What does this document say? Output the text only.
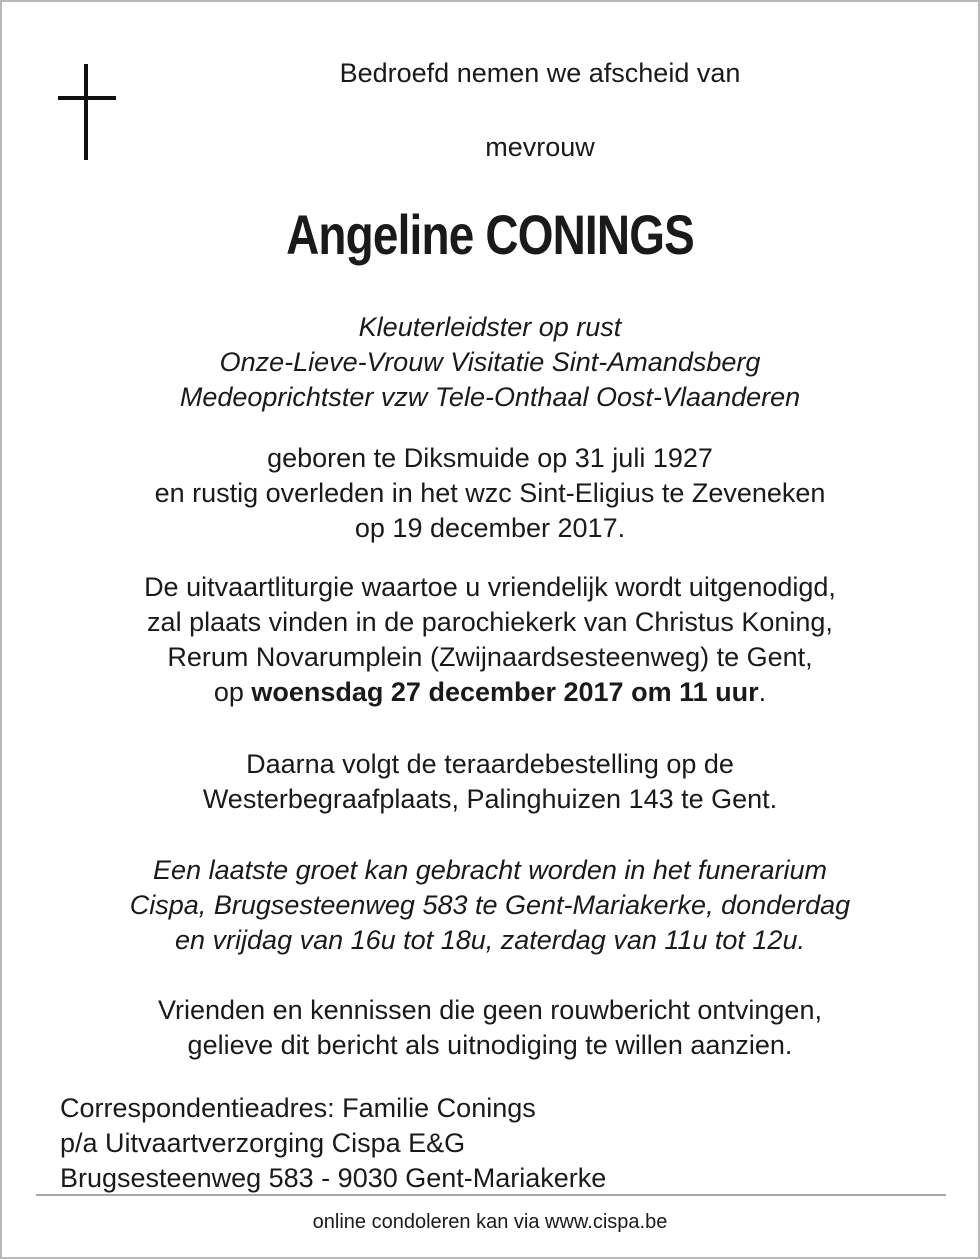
Bedroefd nemen we afscheid van
mevrouw
Angeline CONINGS
Kleuterleidster op rust
Onze-Lieve-Vrouw Visitatie Sint-Amandsberg
Medeoprichtster vzw Tele-Onthaal Oost-Vlaanderen
geboren te Diksmuide op 31 juli 1927
en rustig overleden in het wzc Sint-Eligius te Zeveneken
op 19 december 2017.
De uitvaartliturgie waartoe u vriendelijk wordt uitgenodigd,
zal plaats vinden in de parochiekerk van Christus Koning,
Rerum Novarumplein (Zwijnaardsesteenweg) te Gent,
op woensdag 27 december 2017 om 11 uur.
Daarna volgt de teraardebestelling op de
Westerbegraafplaats, Palinghuizen 143 te Gent.
Een laatste groet kan gebracht worden in het funerarium
Cispa, Brugsesteenweg 583 te Gent-Mariakerke, donderdag
en vrijdag van 16u tot 18u, zaterdag van 11u tot 12u.
Vrienden en kennissen die geen rouwbericht ontvingen,
gelieve dit bericht als uitnodiging te willen aanzien.
Correspondentieadres: Familie Conings
p/a Uitvaartverzorging Cispa E&G
Brugsesteenweg 583 - 9030 Gent-Mariakerke
online condoleren kan via www.cispa.be
